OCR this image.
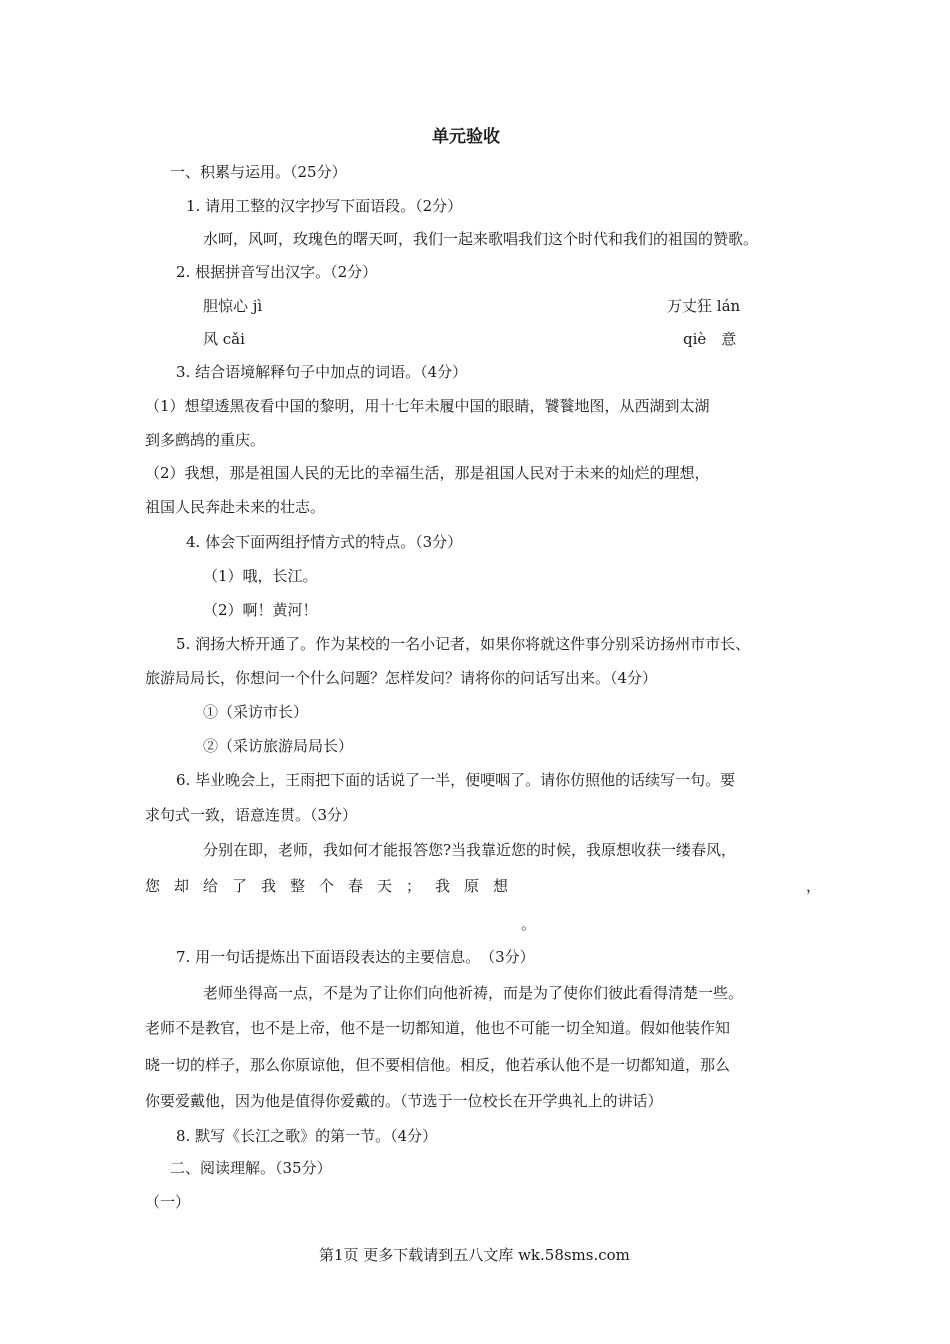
单元验收
一、积累与运用。（25分）
1. 请用工整的汉字抄写下面语段。（2分）
水呵，风呵，玫瑰色的曙天呵，我们一起来歌唱我们这个时代和我们的祖国的赞歌。
2. 根据拼音写出汉字。（2分）
胆惊心 jì	万丈狂 lán
风 cǎi	qiè　意
3. 结合语境解释句子中加点的词语。（4分）
（1）想望透黑夜看中国的黎明，用十七年未履中国的眼睛，饕餮地图，从西湖到太湖
到多鹧鸪的重庆。
（2）我想，那是祖国人民的无比的幸福生活，那是祖国人民对于未来的灿烂的理想，
祖国人民奔赴未来的壮志。
4. 体会下面两组抒情方式的特点。（3分）
（1）哦，长江。
（2）啊！黄河！
5. 润扬大桥开通了。作为某校的一名小记者，如果你将就这件事分别采访扬州市市长、
旅游局局长，你想问一个什么问题？怎样发问？请将你的问话写出来。（4分）
①（采访市长）
②（采访旅游局局长）
6. 毕业晚会上，王雨把下面的话说了一半，便哽咽了。请你仿照他的话续写一句。要
求句式一致，语意连贯。（3分）
分别在即，老师，我如何才能报答您?当我靠近您的时候，我原想收获一缕春风，
您却给了我整个春天；我原想	，
。
7. 用一句话提炼出下面语段表达的主要信息。　（3分）
老师坐得高一点，不是为了让你们向他祈祷，而是为了使你们彼此看得清楚一些。
老师不是教官，也不是上帝，他不是一切都知道，他也不可能一切全知道。假如他装作知
晓一切的样子，那么你原谅他，但不要相信他。相反，他若承认他不是一切都知道，那么
你要爱戴他，因为他是值得你爱戴的。（节选于一位校长在开学典礼上的讲话）
8. 默写《长江之歌》的第一节。（4分）
二、阅读理解。（35分）
（一）
第1页 更多下载请到五八文库 wk.58sms.com
